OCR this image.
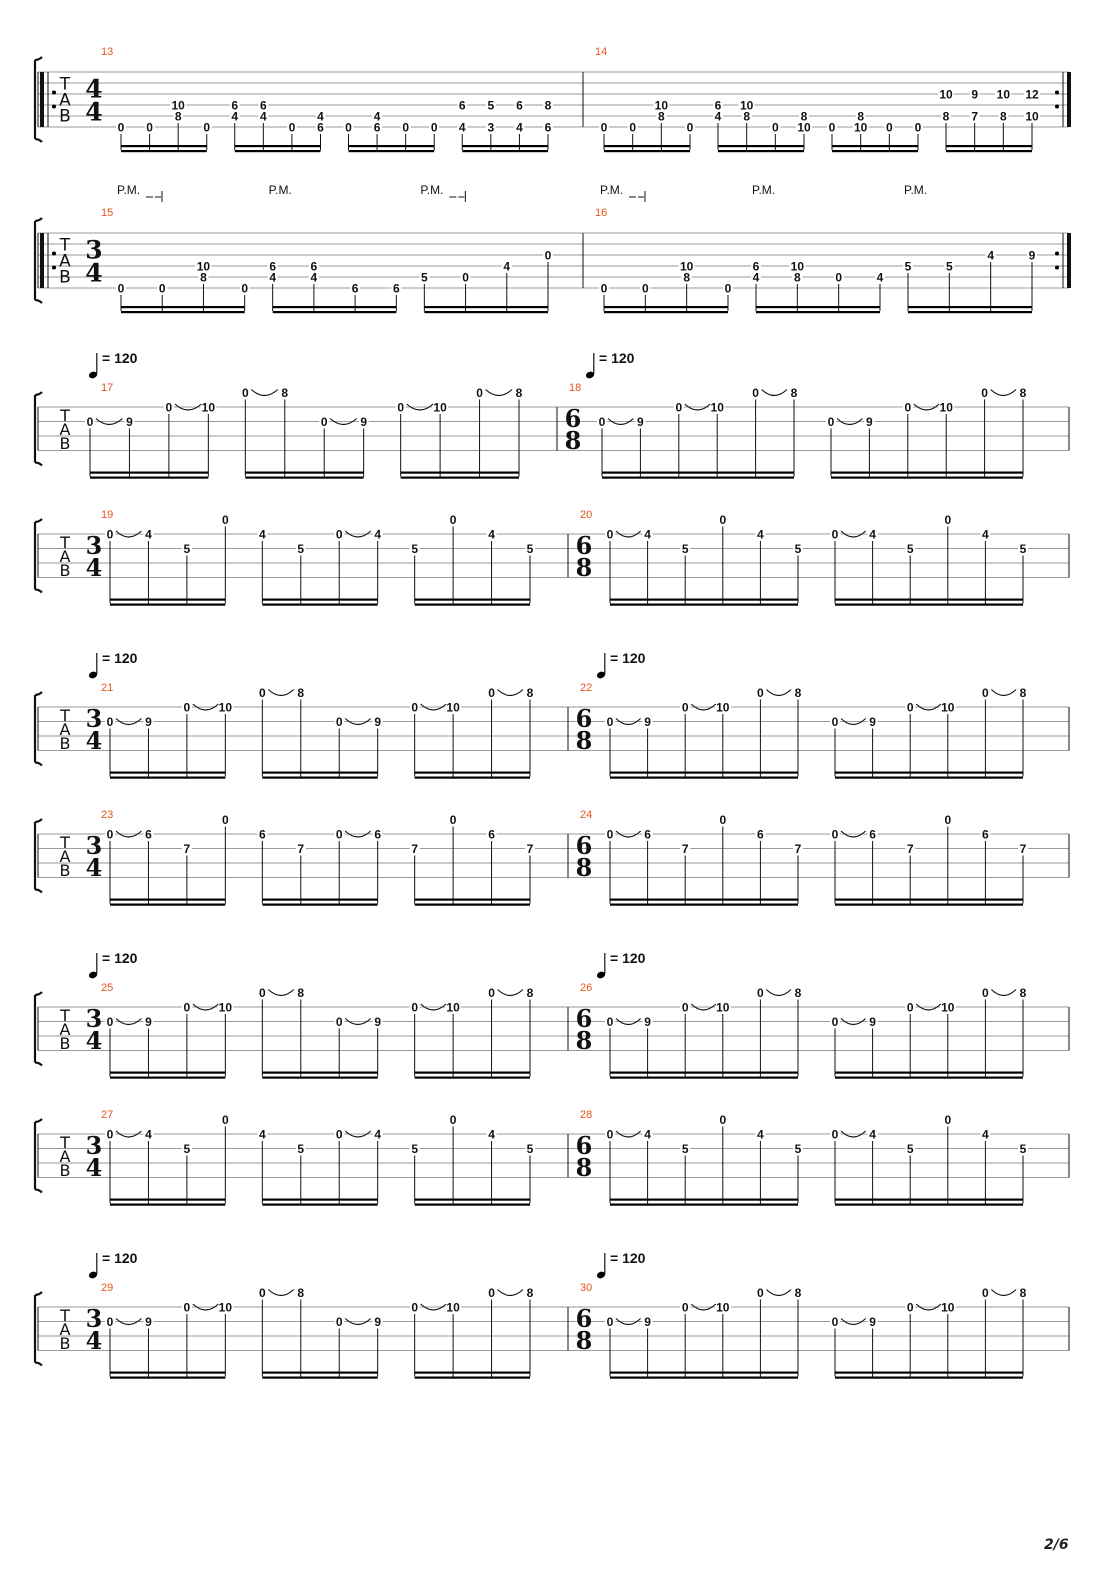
T
A
B
13
4
4
0 0
10
8
0
6
4
6
4
0
4
6 0
4
6 0 0
6
4
5
3
6
4
8
6
14
0 0
10
8
0
6
4
10
8
0
8
10 0
8
10 0 0
10
8
9
7
10
8
12
10
T
A
B
15
3
4
0	0
10
8
0
6
4
6
4
6	6
5	0
4
0
P.M.	P.M.	P.M.
16
0	0
10
8
0
6
4
10
8	0	4
5	5
4	9
P.M.	P.M.	P.M.
T
A
B
17
= 120
0	9
0 10
0	8
0	9
0 10
0	8	18
6
8
= 120
0	9
0 10
0	8
0	9
0 10
0	8
T
A
B
19
3
4
0	4
5
0
4
5
0	4
5
0
4
5
20
6
8
0	4
5
0
4
5
0	4
5
0
4
5
T
A
B
21
3
4
= 120
0	9
0 10
0	8
0	9
0 10
0	8	22
6
8
= 120
0	9
0 10
0	8
0	9
0 10
0	8
T
A
B
23
3
4
0	6
7
0
6
7
0	6
7
0
6
7
24
6
8
0	6
7
0
6
7
0	6
7
0
6
7
T
A
B
25
3
4
= 120
0	9
0 10
0	8
0	9
0 10
0	8	26
6
8
= 120
0	9
0 10
0	8
0	9
0 10
0	8
T
A
B
27
3
4
0	4
5
0
4
5
0	4
5
0
4
5
28
6
8
0	4
5
0
4
5
0	4
5
0
4
5
T
A
B
29
3
4
= 120
0	9
0 10
0	8
0	9
0 10
0	8	30
6
8
= 120
0	9
0 10
0	8
0	9
0 10
0	8
2/6
